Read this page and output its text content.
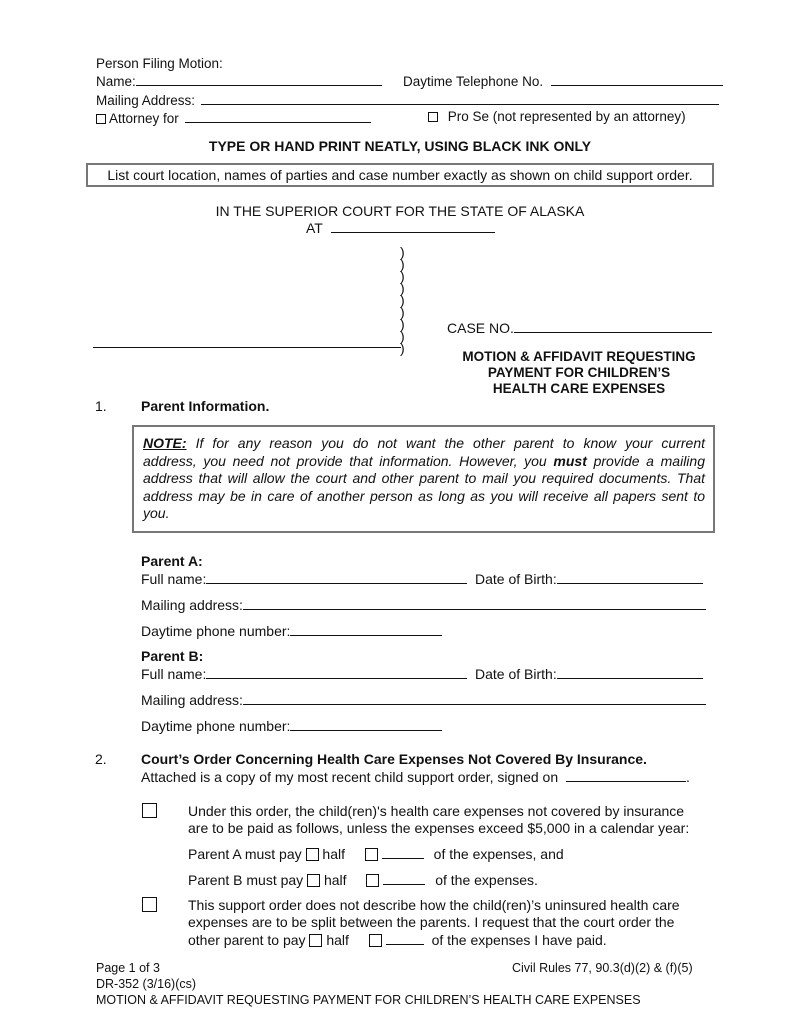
Person Filing Motion:
Name:	Daytime Telephone No.
Mailing Address:
Attorney for	Pro Se (not represented by an attorney)
TYPE OR HAND PRINT NEATLY, USING BLACK INK ONLY
List court location, names of parties and case number exactly as shown on child support order.
IN THE SUPERIOR COURT FOR THE STATE OF ALASKA
AT
)
)
)
)
)
)
)
)
)
CASE NO.
MOTION & AFFIDAVIT REQUESTING
PAYMENT FOR CHILDREN’S
HEALTH CARE EXPENSES
1. Parent Information.
NOTE: If for any reason you do not want the other parent to know your current
address, you need not provide that information. However, you must provide a mailing
address that will allow the court and other parent to mail you required documents. That
address may be in care of another person as long as you will receive all papers sent to
you.
Parent A:
Full name:	Date of Birth:
Mailing address:
Daytime phone number:
Parent B:
Full name:	Date of Birth:
Mailing address:
Daytime phone number:
2. Court’s Order Concerning Health Care Expenses Not Covered By Insurance.
Attached is a copy of my most recent child support order, signed on	.
Under this order, the child(ren)'s health care expenses not covered by insurance
are to be paid as follows, unless the expenses exceed $5,000 in a calendar year:
Parent A must pay half	of the expenses, and
Parent B must pay half	of the expenses.
This support order does not describe how the child(ren)’s uninsured health care
expenses are to be split between the parents. I request that the court order the
other parent to pay half	of the expenses I have paid.
Page 1 of 3	Civil Rules 77, 90.3(d)(2) & (f)(5)
DR-352 (3/16)(cs)
MOTION & AFFIDAVIT REQUESTING PAYMENT FOR CHILDREN’S HEALTH CARE EXPENSES
